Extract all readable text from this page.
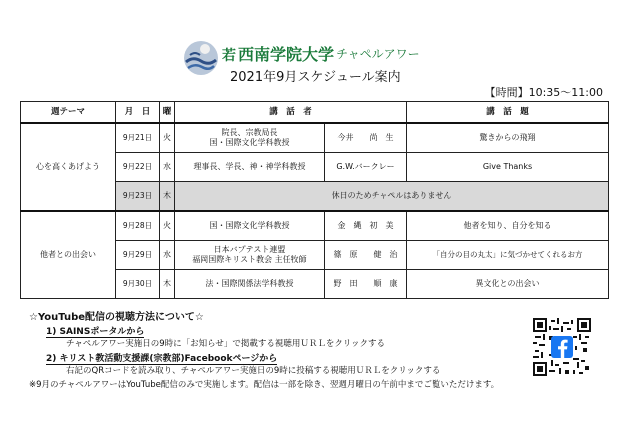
若 西南学院大学 チャペルアワー
2021年9月スケジュール案内
【時間】10:35～11:00
週テーマ	月　日	曜	講　話　者		講　話　題
心を高くあげよう	9月21日	火	院長、宗教局長
国・国際文化学科教授	今井　　尚　生	驚きからの飛翔
	9月22日	水	理事長、学長、神・神学科教授	G.W.バークレー	Give Thanks
	9月23日	木	休日のためチャペルはありません		
他者との出会い	9月28日	火	国・国際文化学科教授	金　縄　初　美	他者を知り、自分を知る
	9月29日	水	日本バプテスト連盟
福岡国際キリスト教会 主任牧師	篠　原　　健　治	「自分の目の丸太」に気づかせてくれるお方
	9月30日	木	法・国際関係法学科教授	野　田　　順　康	異文化との出会い
☆YouTube配信の視聴方法について☆
1) SAINSポータルから
チャペルアワー実施日の9時に「お知らせ」で掲載する視聴用ＵＲＬをクリックする
2) キリスト教活動支援課(宗教部)Facebookページから
右記のQRコードを読み取り、チャペルアワー実施日の9時に投稿する視聴用ＵＲＬをクリックする
※9月のチャペルアワーはYouTube配信のみで実施します。配信は一部を除き、翌週月曜日の午前中までご覧いただけます。
